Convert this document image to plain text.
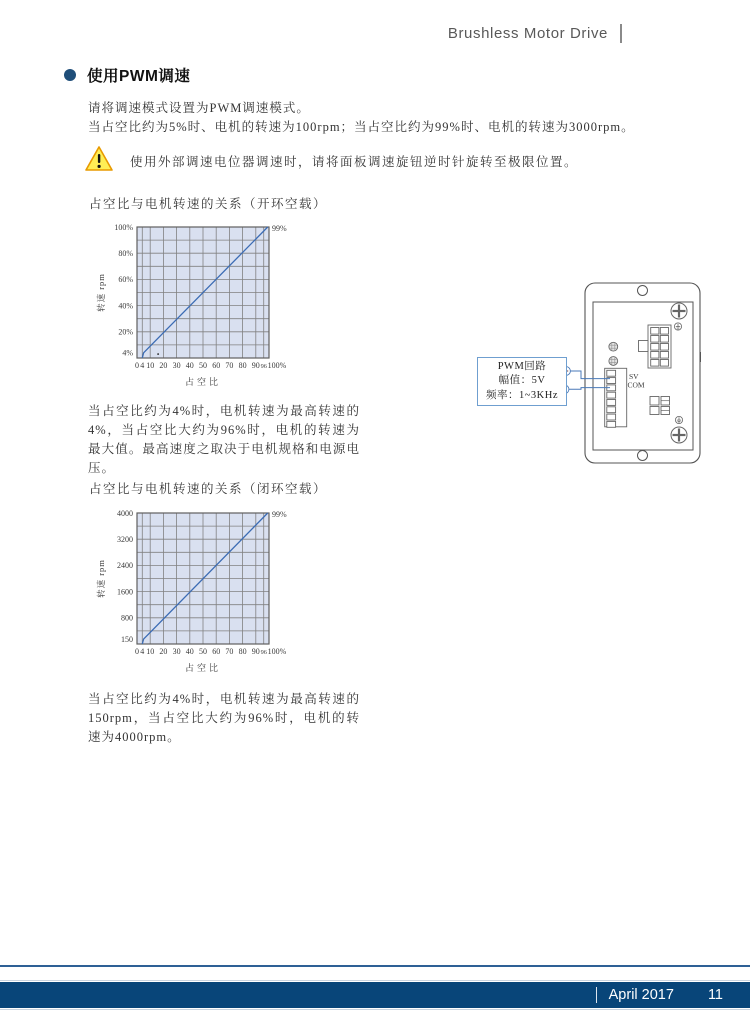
Brushless Motor Drive
使用PWM调速
请将调速模式设置为PWM调速模式。
当占空比约为5%时、电机的转速为100rpm；当占空比约为99%时、电机的转速为3000rpm。
使用外部调速电位器调速时，请将面板调速旋钮逆时针旋转至极限位置。
占空比与电机转速的关系（开环空载）
100%
80%
60%
40%
20%
4%
0 4 10 20 30 40 50 60 70 80 90 96 100%
99%
占空比
转速 rpm
当占空比约为4%时，电机转速为最高转速的4%，当占空比大约为96%时，电机的转速为最大值。最高速度之取决于电机规格和电源电压。
占空比与电机转速的关系（闭环空载）
4000
3200
2400
1600
800
150
0 4 10 20 30 40 50 60 70 80 90 96 100%
99%
占空比
转速 rpm
当占空比约为4%时，电机转速为最高转速的150rpm，当占空比大约为96%时，电机的转速为4000rpm。
SV
COM
PWM回路
幅值：5V
频率：1~3KHz
April 2017 11
